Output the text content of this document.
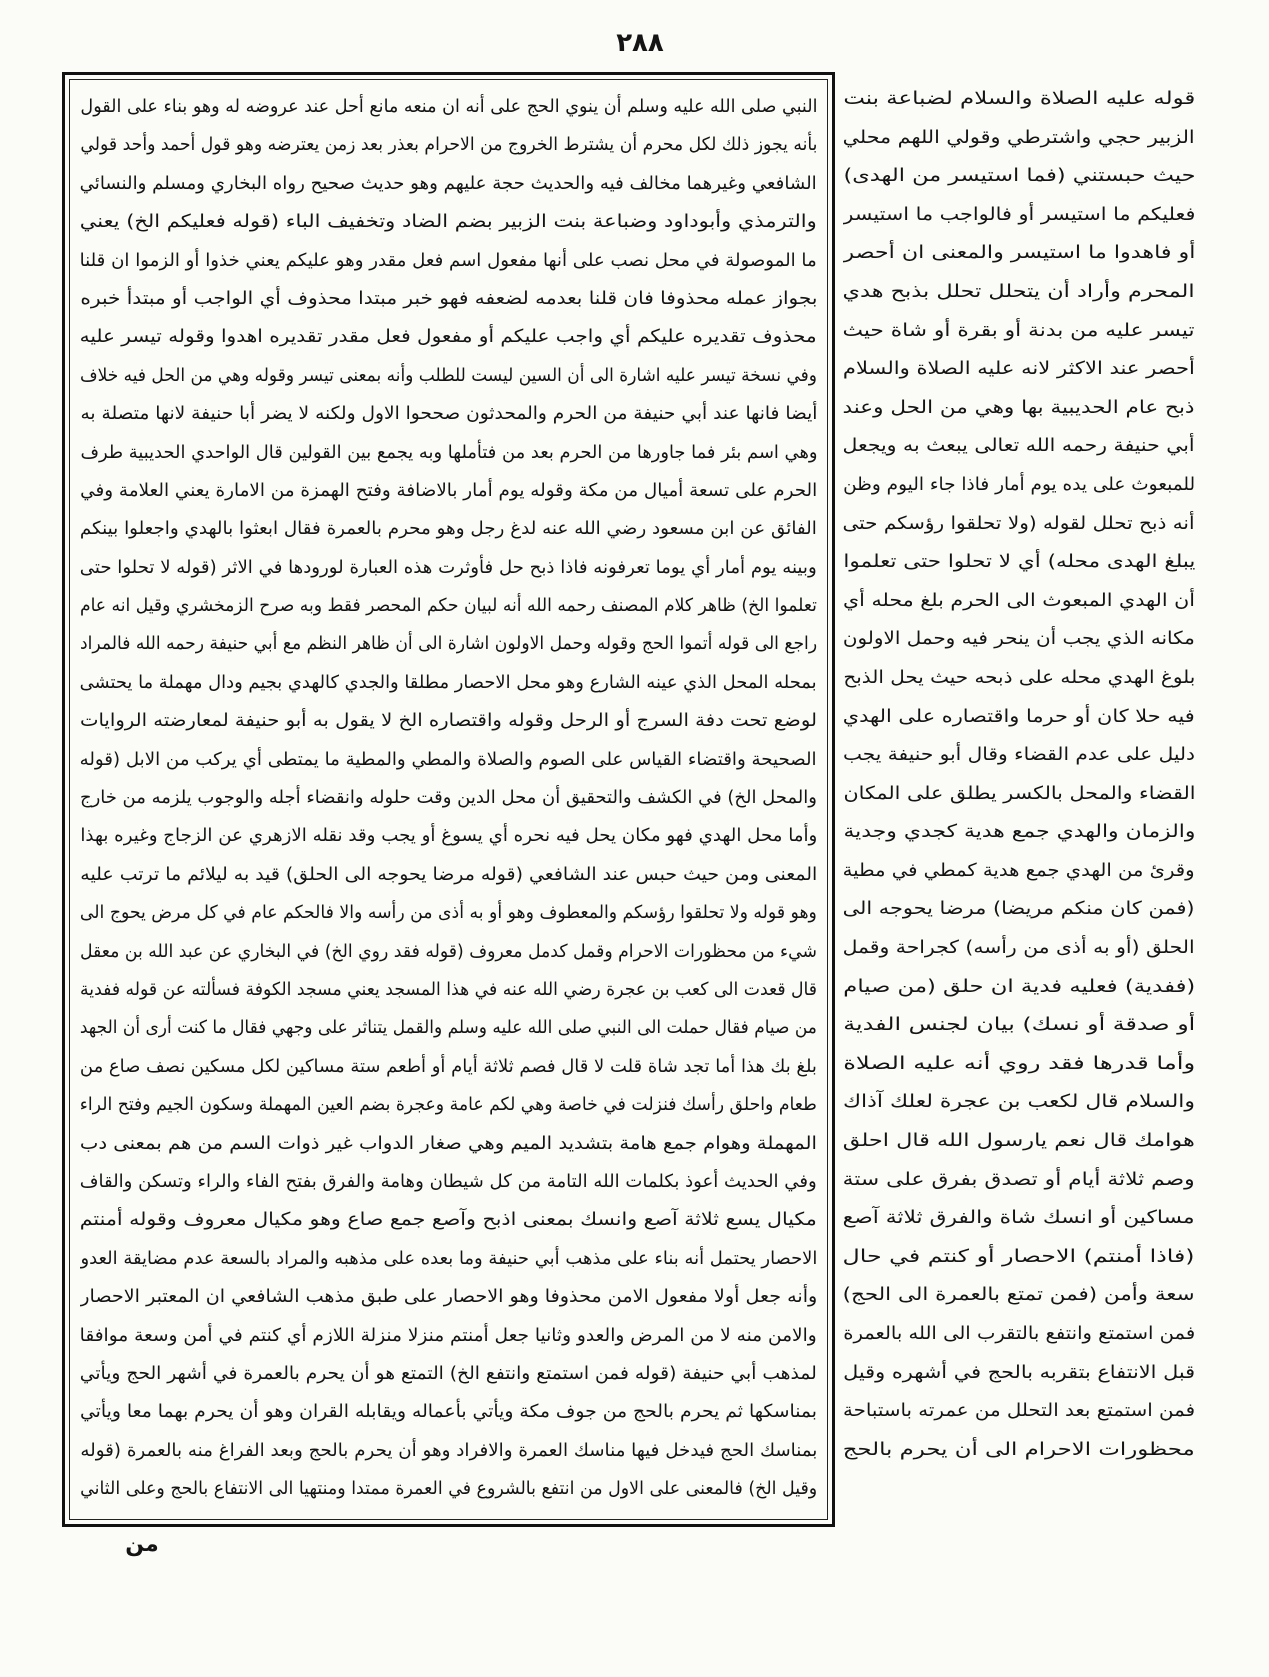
٢٨٨
النبي صلى الله عليه وسلم أن ينوي الحج على أنه ان منعه مانع أحل عند عروضه له وهو بناء على القول
بأنه يجوز ذلك لكل محرم أن يشترط الخروج من الاحرام بعذر بعد زمن يعترضه وهو قول أحمد وأحد قولي
الشافعي وغيرهما مخالف فيه والحديث حجة عليهم وهو حديث صحيح رواه البخاري ومسلم والنسائي
والترمذي وأبوداود وضباعة بنت الزبير بضم الضاد وتخفيف الباء (قوله فعليكم الخ) يعني
ما الموصولة في محل نصب على أنها مفعول اسم فعل مقدر وهو عليكم يعني خذوا أو الزموا ان قلنا
بجواز عمله محذوفا فان قلنا بعدمه لضعفه فهو خبر مبتدا محذوف أي الواجب أو مبتدأ خبره
محذوف تقديره عليكم أي واجب عليكم أو مفعول فعل مقدر تقديره اهدوا وقوله تيسر عليه
وفي نسخة تيسر عليه اشارة الى أن السين ليست للطلب وأنه بمعنى تيسر وقوله وهي من الحل فيه خلاف
أيضا فانها عند أبي حنيفة من الحرم والمحدثون صححوا الاول ولكنه لا يضر أبا حنيفة لانها متصلة به
وهي اسم بئر فما جاورها من الحرم بعد من فتأملها وبه يجمع بين القولين قال الواحدي الحديبية طرف
الحرم على تسعة أميال من مكة وقوله يوم أمار بالاضافة وفتح الهمزة من الامارة يعني العلامة وفي
الفائق عن ابن مسعود رضي الله عنه لدغ رجل وهو محرم بالعمرة فقال ابعثوا بالهدي واجعلوا بينكم
وبينه يوم أمار أي يوما تعرفونه فاذا ذبح حل فأوثرت هذه العبارة لورودها في الاثر (قوله لا تحلوا حتى
تعلموا الخ) ظاهر كلام المصنف رحمه الله أنه لبيان حكم المحصر فقط وبه صرح الزمخشري وقيل انه عام
راجع الى قوله أتموا الحج وقوله وحمل الاولون اشارة الى أن ظاهر النظم مع أبي حنيفة رحمه الله فالمراد
بمحله المحل الذي عينه الشارع وهو محل الاحصار مطلقا والجدي كالهدي بجيم ودال مهملة ما يحتشى
لوضع تحت دفة السرج أو الرحل وقوله واقتصاره الخ لا يقول به أبو حنيفة لمعارضته الروايات
الصحيحة واقتضاء القياس على الصوم والصلاة والمطي والمطية ما يمتطى أي يركب من الابل (قوله
والمحل الخ) في الكشف والتحقيق أن محل الدين وقت حلوله وانقضاء أجله والوجوب يلزمه من خارج
وأما محل الهدي فهو مكان يحل فيه نحره أي يسوغ أو يجب وقد نقله الازهري عن الزجاج وغيره بهذا
المعنى ومن حيث حبس عند الشافعي (قوله مرضا يحوجه الى الحلق) قيد به ليلائم ما ترتب عليه
وهو قوله ولا تحلقوا رؤسكم والمعطوف وهو أو به أذى من رأسه والا فالحكم عام في كل مرض يحوج الى
شيء من محظورات الاحرام وقمل كدمل معروف (قوله فقد روي الخ) في البخاري عن عبد الله بن معقل
قال قعدت الى كعب بن عجرة رضي الله عنه في هذا المسجد يعني مسجد الكوفة فسألته عن قوله ففدية
من صيام فقال حملت الى النبي صلى الله عليه وسلم والقمل يتناثر على وجهي فقال ما كنت أرى أن الجهد
بلغ بك هذا أما تجد شاة قلت لا قال فصم ثلاثة أيام أو أطعم ستة مساكين لكل مسكين نصف صاع من
طعام واحلق رأسك فنزلت في خاصة وهي لكم عامة وعجرة بضم العين المهملة وسكون الجيم وفتح الراء
المهملة وهوام جمع هامة بتشديد الميم وهي صغار الدواب غير ذوات السم من هم بمعنى دب
وفي الحديث أعوذ بكلمات الله التامة من كل شيطان وهامة والفرق بفتح الفاء والراء وتسكن والقاف
مكيال يسع ثلاثة آصع وانسك بمعنى اذبح وآصع جمع صاع وهو مكيال معروف وقوله أمنتم
الاحصار يحتمل أنه بناء على مذهب أبي حنيفة وما بعده على مذهبه والمراد بالسعة عدم مضايقة العدو
وأنه جعل أولا مفعول الامن محذوفا وهو الاحصار على طبق مذهب الشافعي ان المعتبر الاحصار
والامن منه لا من المرض والعدو وثانيا جعل أمنتم منزلا منزلة اللازم أي كنتم في أمن وسعة موافقا
لمذهب أبي حنيفة (قوله فمن استمتع وانتفع الخ) التمتع هو أن يحرم بالعمرة في أشهر الحج ويأتي
بمناسكها ثم يحرم بالحج من جوف مكة ويأتي بأعماله ويقابله القران وهو أن يحرم بهما معا ويأتي
بمناسك الحج فيدخل فيها مناسك العمرة والافراد وهو أن يحرم بالحج وبعد الفراغ منه بالعمرة (قوله
وقيل الخ) فالمعنى على الاول من انتفع بالشروع في العمرة ممتدا ومنتهيا الى الانتفاع بالحج وعلى الثاني
قوله عليه الصلاة والسلام لضباعة بنت
الزبير حجي واشترطي وقولي اللهم محلي
حيث حبستني (فما استيسر من الهدى)
فعليكم ما استيسر أو فالواجب ما استيسر
أو فاهدوا ما استيسر والمعنى ان أحصر
المحرم وأراد أن يتحلل تحلل بذبح هدي
تيسر عليه من بدنة أو بقرة أو شاة حيث
أحصر عند الاكثر لانه عليه الصلاة والسلام
ذبح عام الحديبية بها وهي من الحل وعند
أبي حنيفة رحمه الله تعالى يبعث به ويجعل
للمبعوث على يده يوم أمار فاذا جاء اليوم وظن
أنه ذبح تحلل لقوله (ولا تحلقوا رؤسكم حتى
يبلغ الهدى محله) أي لا تحلوا حتى تعلموا
أن الهدي المبعوث الى الحرم بلغ محله أي
مكانه الذي يجب أن ينحر فيه وحمل الاولون
بلوغ الهدي محله على ذبحه حيث يحل الذبح
فيه حلا كان أو حرما واقتصاره على الهدي
دليل على عدم القضاء وقال أبو حنيفة يجب
القضاء والمحل بالكسر يطلق على المكان
والزمان والهدي جمع هدية كجدي وجدية
وقرئ من الهدي جمع هدية كمطي في مطية
(فمن كان منكم مريضا) مرضا يحوجه الى
الحلق (أو به أذى من رأسه) كجراحة وقمل
(ففدية) فعليه فدية ان حلق (من صيام
أو صدقة أو نسك) بيان لجنس الفدية
وأما قدرها فقد روي أنه عليه الصلاة
والسلام قال لكعب بن عجرة لعلك آذاك
هوامك قال نعم يارسول الله قال احلق
وصم ثلاثة أيام أو تصدق بفرق على ستة
مساكين أو انسك شاة والفرق ثلاثة آصع
(فاذا أمنتم) الاحصار أو كنتم في حال
سعة وأمن (فمن تمتع بالعمرة الى الحج)
فمن استمتع وانتفع بالتقرب الى الله بالعمرة
قبل الانتفاع بتقربه بالحج في أشهره وقيل
فمن استمتع بعد التحلل من عمرته باستباحة
محظورات الاحرام الى أن يحرم بالحج
من
